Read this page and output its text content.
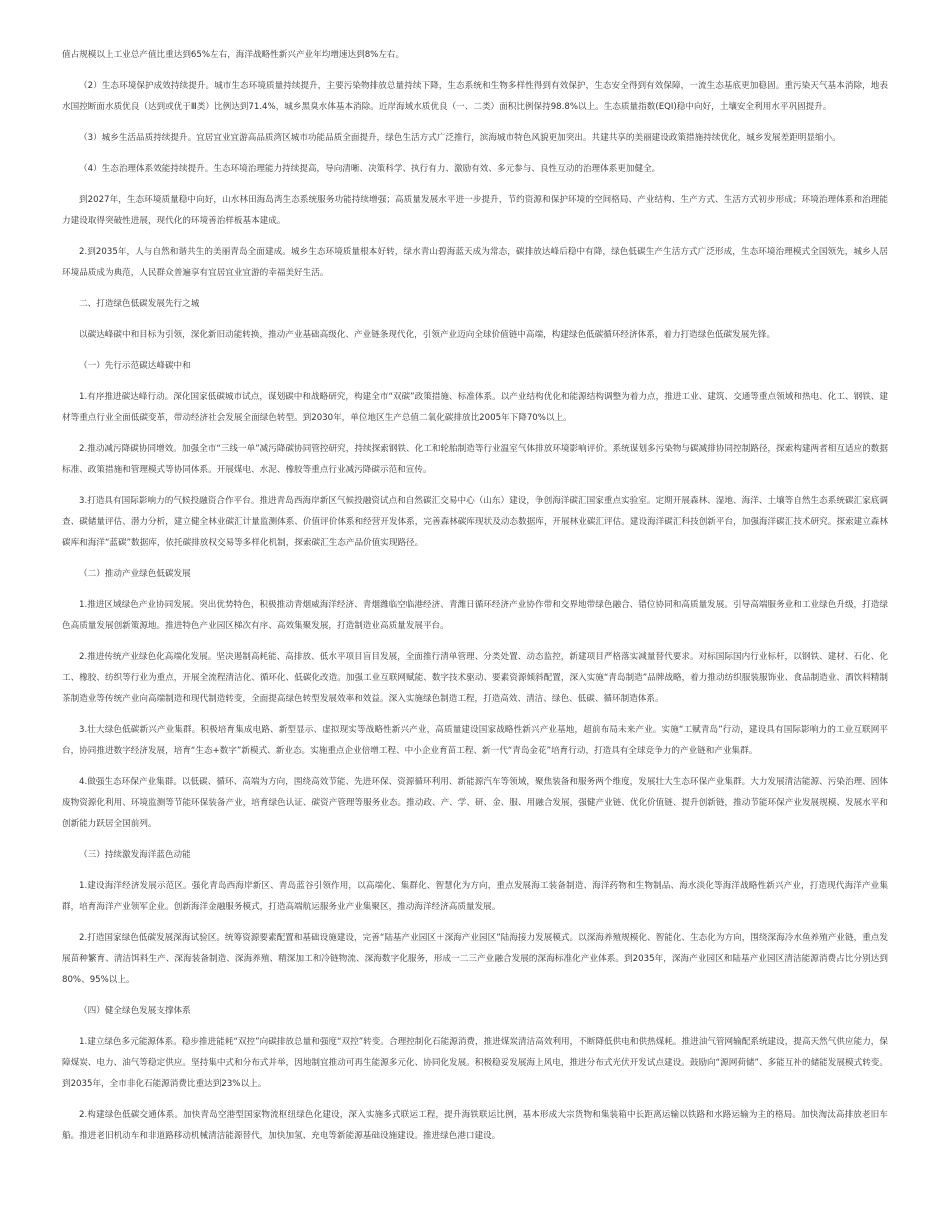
值占规模以上工业总产值比重达到65%左右，海洋战略性新兴产业年均增速达到8%左右。

（2）生态环境保护成效持续提升。城市生态环境质量持续提升，主要污染物排放总量持续下降，生态系统和生物多样性得到有效保护，生态安全得到有效保障，一流生态基底更加稳固。重污染天气基本消除，地表水国控断面水质优良（达到或优于Ⅲ类）比例达到71.4%，城乡黑臭水体基本消除。近岸海域水质优良（一、二类）面积比例保持98.8%以上。生态质量指数(EQI)稳中向好，土壤安全利用水平巩固提升。

（3）城乡生活品质持续提升。宜居宜业宜游高品质湾区城市功能品质全面提升，绿色生活方式广泛推行，滨海城市特色风貌更加突出。共建共享的美丽建设政策措施持续优化，城乡发展差距明显缩小。

（4）生态治理体系效能持续提升。生态环境治理能力持续提高，导向清晰、决策科学、执行有力、激励有效、多元参与、良性互动的治理体系更加健全。

到2027年，生态环境质量稳中向好，山水林田海岛湾生态系统服务功能持续增强；高质量发展水平进一步提升，节约资源和保护环境的空间格局、产业结构、生产方式、生活方式初步形成；环境治理体系和治理能力建设取得突破性进展，现代化的环境善治样板基本建成。

2.到2035年，人与自然和谐共生的美丽青岛全面建成。城乡生态环境质量根本好转，绿水青山碧海蓝天成为常态，碳排放达峰后稳中有降，绿色低碳生产生活方式广泛形成，生态环境治理模式全国领先，城乡人居环境品质成为典范，人民群众普遍享有宜居宜业宜游的幸福美好生活。

二、打造绿色低碳发展先行之城

以碳达峰碳中和目标为引领，深化新旧动能转换，推动产业基础高级化、产业链条现代化，引领产业迈向全球价值链中高端，构建绿色低碳循环经济体系，着力打造绿色低碳发展先锋。

（一）先行示范碳达峰碳中和

1.有序推进碳达峰行动。深化国家低碳城市试点，谋划碳中和战略研究，构建全市“双碳”政策措施、标准体系。以产业结构优化和能源结构调整为着力点，推进工业、建筑、交通等重点领域和热电、化工、钢铁、建材等重点行业全面低碳变革，带动经济社会发展全面绿色转型。到2030年，单位地区生产总值二氧化碳排放比2005年下降70%以上。

2.推动减污降碳协同增效。加强全市“三线一单”减污降碳协同管控研究，持续探索钢铁、化工和轮胎制造等行业温室气体排放环境影响评价。系统谋划多污染物与碳减排协同控制路径，探索构建两者相互适应的数据标准、政策措施和管理模式等协同体系。开展煤电、水泥、橡胶等重点行业减污降碳示范和宣传。

3.打造具有国际影响力的气候投融资合作平台。推进青岛西海岸新区气候投融资试点和自然碳汇交易中心（山东）建设，争创海洋碳汇国家重点实验室。定期开展森林、湿地、海洋、土壤等自然生态系统碳汇家底调查、碳储量评估、潜力分析，建立健全林业碳汇计量监测体系、价值评价体系和经营开发体系，完善森林碳库现状及动态数据库，开展林业碳汇评估。建设海洋碳汇科技创新平台，加强海洋碳汇技术研究。探索建立森林碳库和海洋“蓝碳”数据库，依托碳排放权交易等多样化机制，探索碳汇生态产品价值实现路径。

（二）推动产业绿色低碳发展

1.推进区域绿色产业协同发展。突出优势特色，积极推动青烟威海洋经济、青烟潍临空临港经济、青潍日循环经济产业协作带和交界地带绿色融合、错位协同和高质量发展。引导高端服务业和工业绿色升级，打造绿色高质量发展创新策源地。推进特色产业园区梯次有序、高效集聚发展，打造制造业高质量发展平台。

2.推进传统产业绿色化高端化发展。坚决遏制高耗能、高排放、低水平项目盲目发展，全面推行清单管理、分类处置、动态监控，新建项目严格落实减量替代要求。对标国际国内行业标杆，以钢铁、建材、石化、化工、橡胶、纺织等行业为重点，开展全流程清洁化、循环化、低碳化改造。加强工业互联网赋能、数字技术驱动、要素资源倾斜配置，深入实施“青岛制造”品牌战略，着力推动纺织服装服饰业、食品制造业、酒饮料精制茶制造业等传统产业向高端制造和现代制造转变，全面提高绿色转型发展效率和效益。深入实施绿色制造工程，打造高效、清洁、绿色、低碳、循环制造体系。

3.壮大绿色低碳新兴产业集群。积极培育集成电路、新型显示、虚拟现实等战略性新兴产业，高质量建设国家战略性新兴产业基地，超前布局未来产业。实施“工赋青岛”行动，建设具有国际影响力的工业互联网平台，协同推进数字经济发展，培育“生态+数字”新模式、新业态。实施重点企业倍增工程、中小企业育苗工程、新一代“青岛金花”培育行动，打造具有全球竞争力的产业链和产业集群。

4.做强生态环保产业集群。以低碳、循环、高端为方向，围绕高效节能、先进环保、资源循环利用、新能源汽车等领域，聚焦装备和服务两个维度，发展壮大生态环保产业集群。大力发展清洁能源、污染治理、固体废物资源化利用、环境监测等节能环保装备产业，培育绿色认证、碳资产管理等服务业态。推动政、产、学、研、金、服、用融合发展，强健产业链、优化价值链、提升创新链，推动节能环保产业发展规模、发展水平和创新能力跃居全国前列。

（三）持续激发海洋蓝色动能

1.建设海洋经济发展示范区。强化青岛西海岸新区、青岛蓝谷引领作用，以高端化、集群化、智慧化为方向，重点发展海工装备制造、海洋药物和生物制品、海水淡化等海洋战略性新兴产业，打造现代海洋产业集群，培育海洋产业领军企业。创新海洋金融服务模式，打造高端航运服务业产业集聚区，推动海洋经济高质量发展。

2.打造国家绿色低碳发展深海试验区。统筹资源要素配置和基础设施建设，完善“陆基产业园区＋深海产业园区”陆海接力发展模式。以深海养殖规模化、智能化、生态化为方向，围绕深海冷水鱼养殖产业链，重点发展苗种繁育、清洁饵料生产、深海装备制造、深海养殖、精深加工和冷链物流、深海数字化服务，形成一二三产业融合发展的深海标准化产业体系。到2035年，深海产业园区和陆基产业园区清洁能源消费占比分别达到80%、95%以上。

（四）健全绿色发展支撑体系

1.建立绿色多元能源体系。稳步推进能耗“双控”向碳排放总量和强度“双控”转变。合理控制化石能源消费，推进煤炭清洁高效利用，不断降低供电和供热煤耗。推进油气管网输配系统建设，提高天然气供应能力，保障煤炭、电力、油气等稳定供应。坚持集中式和分布式并举，因地制宜推动可再生能源多元化、协同化发展。积极稳妥发展海上风电，推进分布式光伏开发试点建设。鼓励向“源网荷储”、多能互补的储能发展模式转变。到2035年，全市非化石能源消费比重达到23%以上。

2.构建绿色低碳交通体系。加快青岛空港型国家物流枢纽绿色化建设，深入实施多式联运工程，提升海铁联运比例，基本形成大宗货物和集装箱中长距离运输以铁路和水路运输为主的格局。加快淘汰高排放老旧车船。推进老旧机动车和非道路移动机械清洁能源替代，加快加氢、充电等新能源基础设施建设。推进绿色港口建设。
